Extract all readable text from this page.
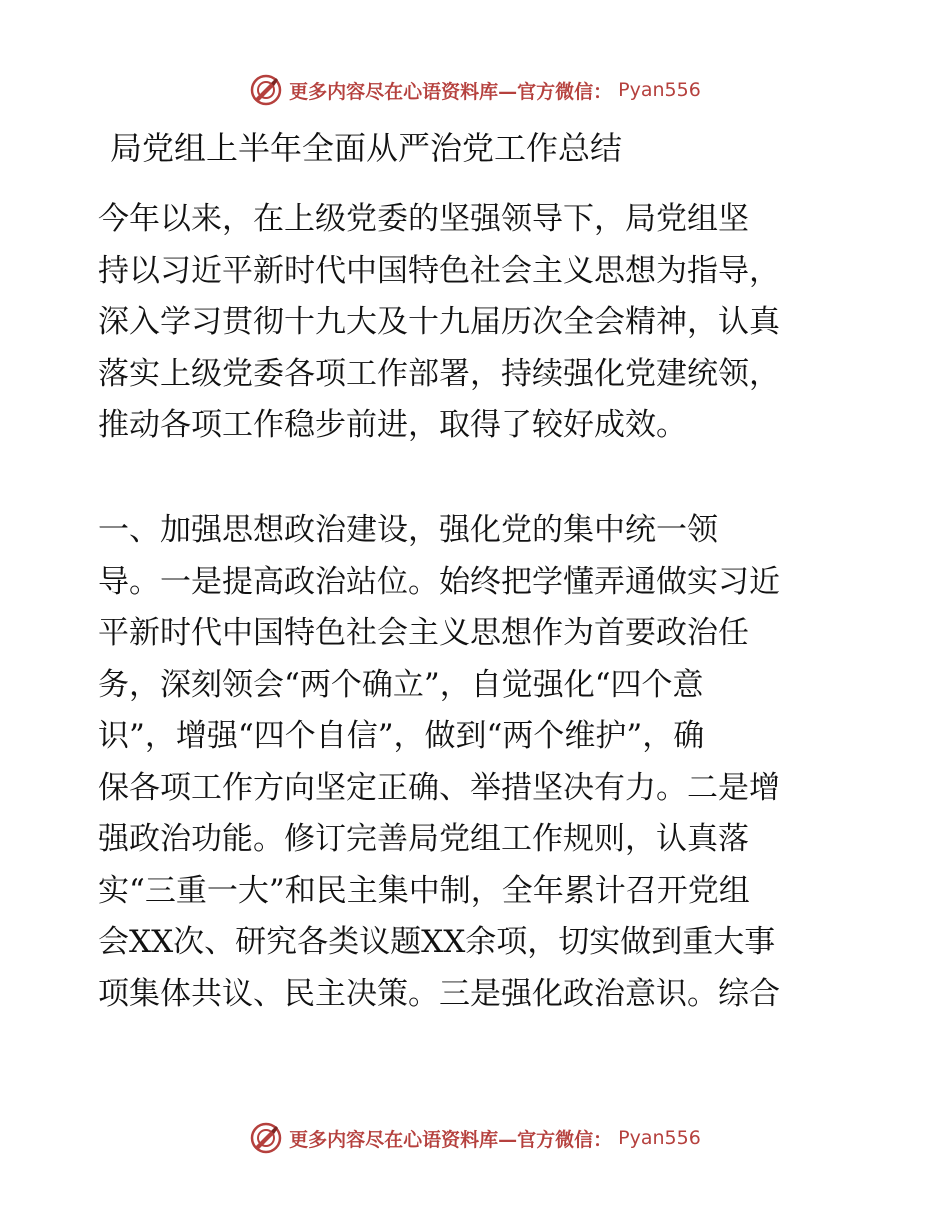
更多内容尽在心语资料库—官方微信： Pyan556
局党组上半年全面从严治党工作总结
今年以来，在上级党委的坚强领导下，局党组坚
持以习近平新时代中国特色社会主义思想为指导，
深入学习贯彻十九大及十九届历次全会精神，认真
落实上级党委各项工作部署，持续强化党建统领，
推动各项工作稳步前进，取得了较好成效。
一、加强思想政治建设，强化党的集中统一领
导。一是提高政治站位。始终把学懂弄通做实习近
平新时代中国特色社会主义思想作为首要政治任
务，深刻领会“两个确立”，自觉强化“四个意
识”，增强“四个自信”，做到“两个维护”，确
保各项工作方向坚定正确、举措坚决有力。二是增
强政治功能。修订完善局党组工作规则，认真落
实“三重一大”和民主集中制，全年累计召开党组
会XX次、研究各类议题XX余项，切实做到重大事
项集体共议、民主决策。三是强化政治意识。综合
更多内容尽在心语资料库—官方微信： Pyan556
